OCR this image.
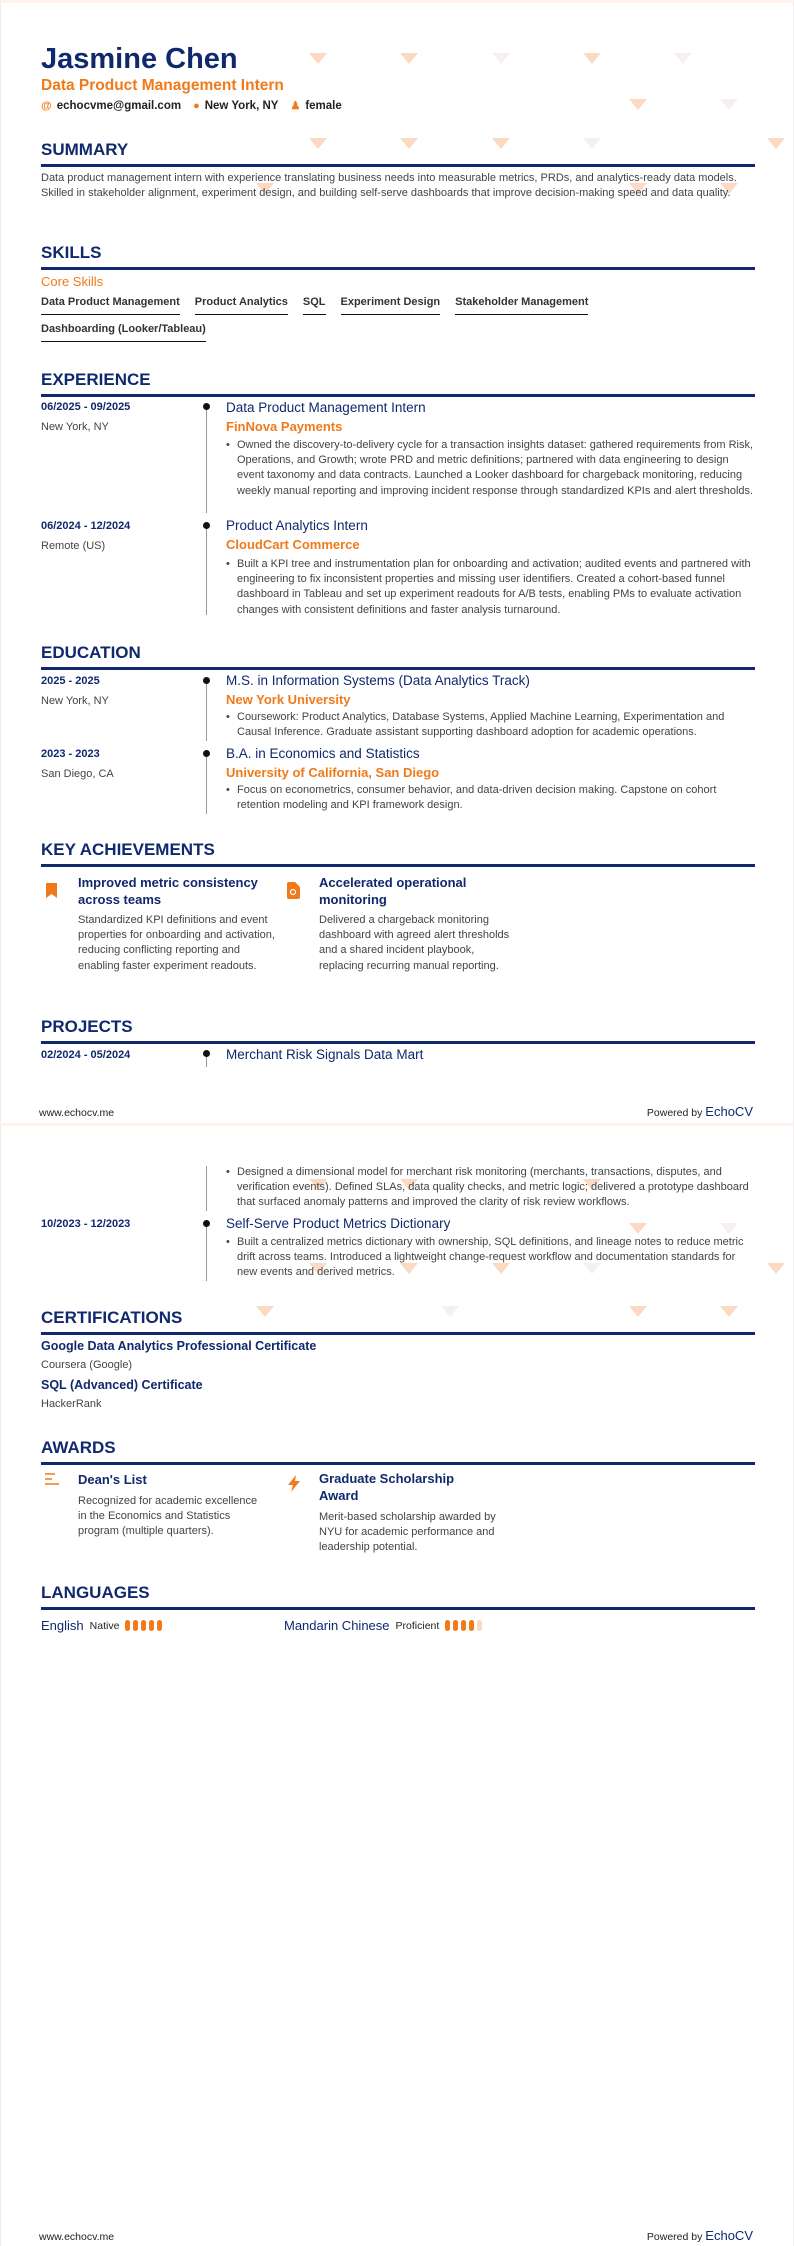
Jasmine Chen
Data Product Management Intern
@ echocvme@gmail.com ● New York, NY ♟ female
SUMMARY
Data product management intern with experience translating business needs into measurable metrics, PRDs, and analytics-ready data models. Skilled in stakeholder alignment, experiment design, and building self-serve dashboards that improve decision-making speed and data quality.
SKILLS
Core Skills
Data Product Management Product Analytics SQL Experiment Design Stakeholder Management
Dashboarding (Looker/Tableau)
EXPERIENCE
06/2025 - 09/2025
New York, NY
Data Product Management Intern
FinNova Payments
• Owned the discovery-to-delivery cycle for a transaction insights dataset: gathered requirements from Risk, Operations, and Growth; wrote PRD and metric definitions; partnered with data engineering to design event taxonomy and data contracts. Launched a Looker dashboard for chargeback monitoring, reducing weekly manual reporting and improving incident response through standardized KPIs and alert thresholds.
06/2024 - 12/2024
Remote (US)
Product Analytics Intern
CloudCart Commerce
• Built a KPI tree and instrumentation plan for onboarding and activation; audited events and partnered with engineering to fix inconsistent properties and missing user identifiers. Created a cohort-based funnel dashboard in Tableau and set up experiment readouts for A/B tests, enabling PMs to evaluate activation changes with consistent definitions and faster analysis turnaround.
EDUCATION
2025 - 2025
New York, NY
M.S. in Information Systems (Data Analytics Track)
New York University
• Coursework: Product Analytics, Database Systems, Applied Machine Learning, Experimentation and Causal Inference. Graduate assistant supporting dashboard adoption for academic operations.
2023 - 2023
San Diego, CA
B.A. in Economics and Statistics
University of California, San Diego
• Focus on econometrics, consumer behavior, and data-driven decision making. Capstone on cohort retention modeling and KPI framework design.
KEY ACHIEVEMENTS
Improved metric consistency across teams
Standardized KPI definitions and event properties for onboarding and activation, reducing conflicting reporting and enabling faster experiment readouts.
Accelerated operational monitoring
Delivered a chargeback monitoring dashboard with agreed alert thresholds and a shared incident playbook, replacing recurring manual reporting.
PROJECTS
02/2024 - 05/2024	Merchant Risk Signals Data Mart
www.echocv.me	Powered by EchoCV
• Designed a dimensional model for merchant risk monitoring (merchants, transactions, disputes, and verification events). Defined SLAs, data quality checks, and metric logic; delivered a prototype dashboard that surfaced anomaly patterns and improved the clarity of risk review workflows.
10/2023 - 12/2023	Self-Serve Product Metrics Dictionary
• Built a centralized metrics dictionary with ownership, SQL definitions, and lineage notes to reduce metric drift across teams. Introduced a lightweight change-request workflow and documentation standards for new events and derived metrics.
CERTIFICATIONS
Google Data Analytics Professional Certificate
Coursera (Google)
SQL (Advanced) Certificate
HackerRank
AWARDS
Dean's List
Recognized for academic excellence in the Economics and Statistics program (multiple quarters).
Graduate Scholarship Award
Merit-based scholarship awarded by NYU for academic performance and leadership potential.
LANGUAGES
English Native	Mandarin Chinese Proficient
www.echocv.me	Powered by EchoCV
